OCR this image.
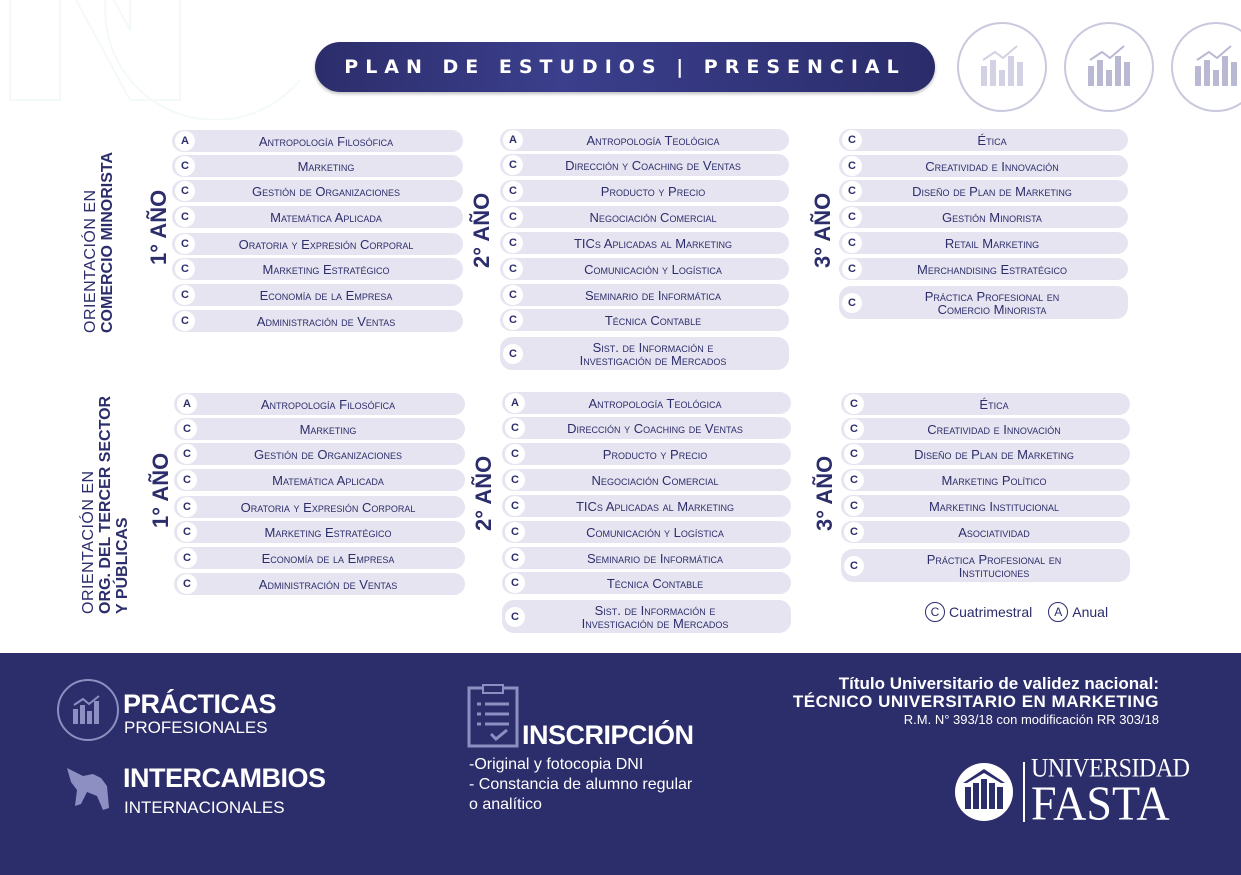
PLAN DE ESTUDIOS | PRESENCIAL
ORIENTACIÓN EN COMERCIO MINORISTA 1° AÑO	2° AÑO	3° AÑO
A	Antropología Filosófica
C	Marketing
C	Gestión de Organizaciones
C	Matemática Aplicada
C	Oratoria y Expresión Corporal
C	Marketing Estratégico
C	Economía de la Empresa
C	Administración de Ventas
A	Antropología Teológica
C	Dirección y Coaching de Ventas
C	Producto y Precio
C	Negociación Comercial
C	TICs Aplicadas al Marketing
C	Comunicación y Logística
C	Seminario de Informática
C	Técnica Contable
C	Sist. de Información e
Investigación de Mercados
C	Ética
C	Creatividad e Innovación
C	Diseño de Plan de Marketing
C	Gestión Minorista
C	Retail Marketing
C	Merchandising Estratégico
C	Práctica Profesional en
Comercio Minorista
ORIENTACIÓN EN ORG. DEL TERCER SECTOR Y PÚBLICAS
1° AÑO	2° AÑO	3° AÑO
A	Antropología Filosófica
C	Marketing
C	Gestión de Organizaciones
C	Matemática Aplicada
C	Oratoria y Expresión Corporal
C	Marketing Estratégico
C	Economía de la Empresa
C	Administración de Ventas
A	Antropología Teológica
C	Dirección y Coaching de Ventas
C	Producto y Precio
C	Negociación Comercial
C	TICs Aplicadas al Marketing
C	Comunicación y Logística
C	Seminario de Informática
C	Técnica Contable
C	Sist. de Información e
Investigación de Mercados
C	Ética
C	Creatividad e Innovación
C	Diseño de Plan de Marketing
C	Marketing Político
C	Marketing Institucional
C	Asociatividad
C	Práctica Profesional en
Instituciones
C Cuatrimestral	A Anual
PRÁCTICAS
PROFESIONALES
INTERCAMBIOS
INTERNACIONALES
INSCRIPCIÓN
-Original y fotocopia DNI
- Constancia de alumno regular
o analítico
Título Universitario de validez nacional:
TÉCNICO UNIVERSITARIO EN MARKETING
R.M. N° 393/18 con modificación RR 303/18
UNIVERSIDAD
FASTA
